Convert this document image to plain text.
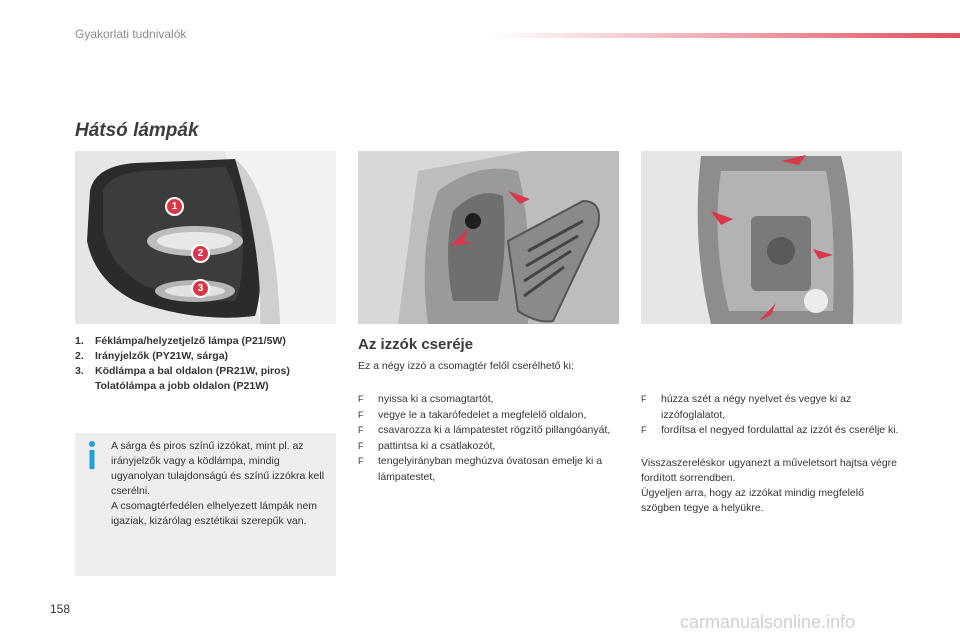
Gyakorlati tudnivalók
Hátsó lámpák
1
2
3
1.	Féklámpa/helyzetjelző lámpa (P21/5W)
2.	Irányjelzők (PY21W, sárga)
3.	Ködlámpa a bal oldalon (PR21W, piros)
Tolatólámpa a jobb oldalon (P21W)

A sárga és piros színű izzókat, mint pl. az irányjelzők vagy a ködlámpa, mindig ugyanolyan tulajdonságú és színű izzókra kell cserélni.

A csomagtérfedélen elhelyezett lámpák nem igaziak, kizárólag esztétikai szerepűk van.

Az izzók cseréje
Ez a négy izzó a csomagtér felől cserélhető ki:
F	nyissa ki a csomagtartót,
F	vegye le a takarófedelet a megfelelő oldalon,
F	csavarozza ki a lámpatestet rögzítő pillangóanyát,
F	pattintsa ki a csatlakozót,
F	tengelyirányban meghúzva óvatosan emelje ki a lámpatestet,
F	húzza szét a négy nyelvet és vegye ki az izzófoglalatot,
F	fordítsa el negyed fordulattal az izzót és cserélje ki.

Visszaszereléskor ugyanezt a műveletsort hajtsa végre fordított sorrendben.

Ügyeljen arra, hogy az izzókat mindig megfelelő szögben tegye a helyükre.

158
carmanualsonline.info
